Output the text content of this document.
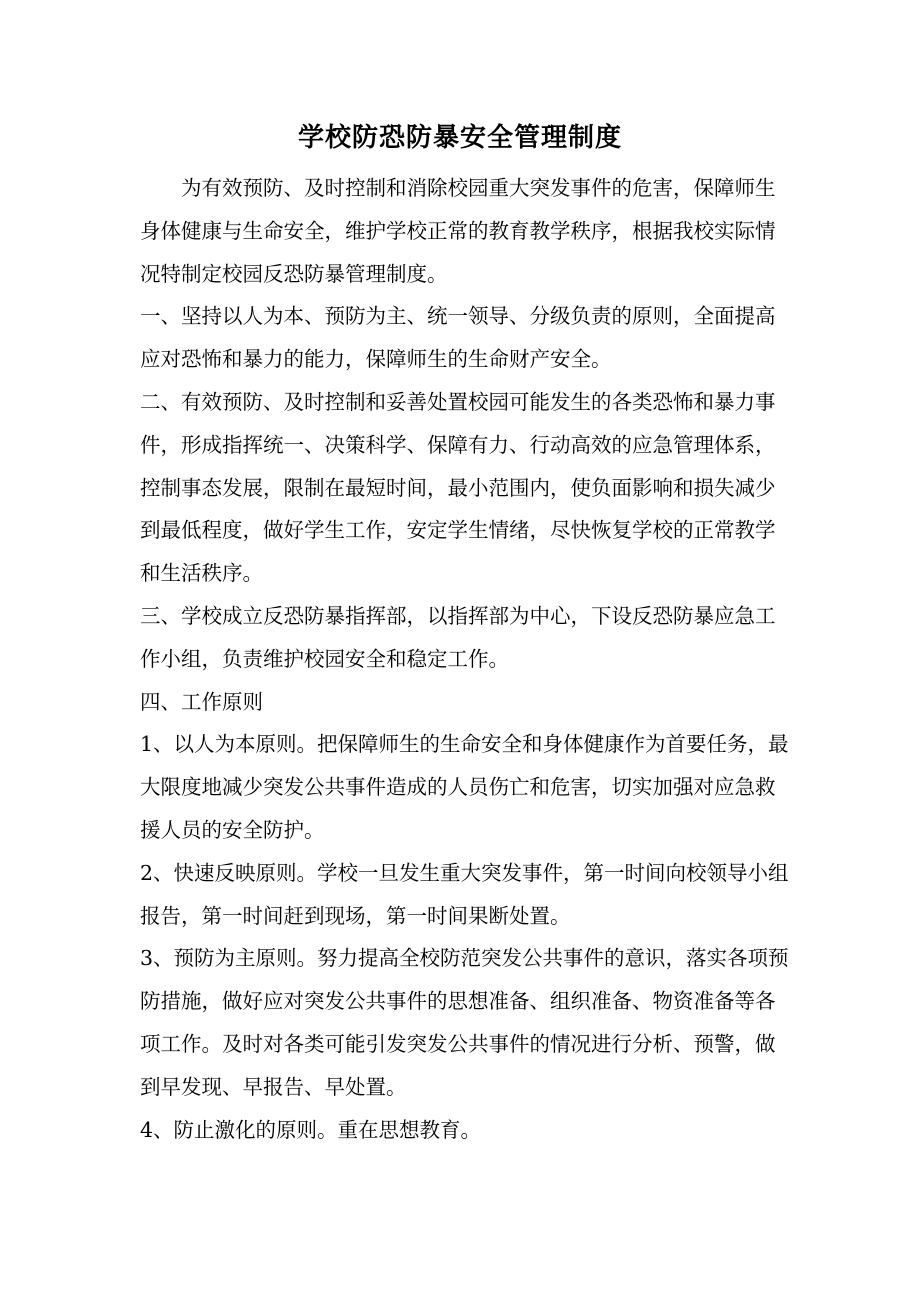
学校防恐防暴安全管理制度

为有效预防、及时控制和消除校园重大突发事件的危害，保障师生身体健康与生命安全，维护学校正常的教育教学秩序，根据我校实际情况特制定校园反恐防暴管理制度。

一、坚持以人为本、预防为主、统一领导、分级负责的原则，全面提高应对恐怖和暴力的能力，保障师生的生命财产安全。

二、有效预防、及时控制和妥善处置校园可能发生的各类恐怖和暴力事件，形成指挥统一、决策科学、保障有力、行动高效的应急管理体系，控制事态发展，限制在最短时间，最小范围内，使负面影响和损失减少到最低程度，做好学生工作，安定学生情绪，尽快恢复学校的正常教学和生活秩序。

三、学校成立反恐防暴指挥部，以指挥部为中心，下设反恐防暴应急工作小组，负责维护校园安全和稳定工作。

四、工作原则

1、以人为本原则。把保障师生的生命安全和身体健康作为首要任务，最大限度地减少突发公共事件造成的人员伤亡和危害，切实加强对应急救援人员的安全防护。

2、快速反映原则。学校一旦发生重大突发事件，第一时间向校领导小组报告，第一时间赶到现场，第一时间果断处置。

3、预防为主原则。努力提高全校防范突发公共事件的意识，落实各项预防措施，做好应对突发公共事件的思想准备、组织准备、物资准备等各项工作。及时对各类可能引发突发公共事件的情况进行分析、预警，做到早发现、早报告、早处置。

4、防止激化的原则。重在思想教育。
